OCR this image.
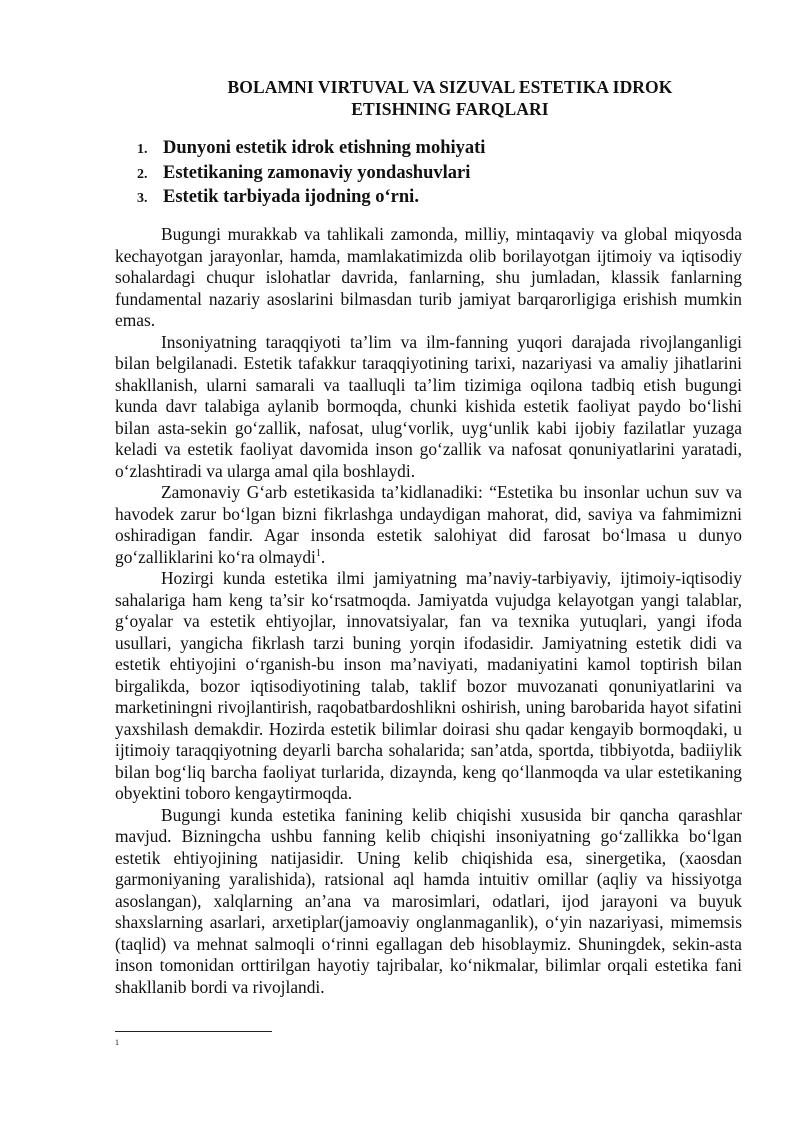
BOLAMNI VIRTUVAL VA SIZUVAL ESTETIKA IDROK
ETISHNING FARQLARI
1. Dunyoni estetik idrok etishning mohiyati
2. Estetikaning zamonaviy yondashuvlari
3. Estetik tarbiyada ijodning o‘rni.

Bugungi murakkab va tahlikali zamonda, milliy, mintaqaviy va global miqyosda kechayotgan jarayonlar, hamda, mamlakatimizda olib borilayotgan ijtimoiy va iqtisodiy sohalardagi chuqur islohatlar davrida, fanlarning, shu jumladan, klassik fanlarning fundamental nazariy asoslarini bilmasdan turib jamiyat barqarorligiga erishish mumkin emas.

Insoniyatning taraqqiyoti ta’lim va ilm-fanning yuqori darajada rivojlanganligi bilan belgilanadi. Estetik tafakkur taraqqiyotining tarixi, nazariyasi va amaliy jihatlarini shakllanish, ularni samarali va taalluqli ta’lim tizimiga oqilona tadbiq etish bugungi kunda davr talabiga aylanib bormoqda, chunki kishida estetik faoliyat paydo bo‘lishi bilan asta-sekin go‘zallik, nafosat, ulug‘vorlik, uyg‘unlik kabi ijobiy fazilatlar yuzaga keladi va estetik faoliyat davomida inson go‘zallik va nafosat qonuniyatlarini yaratadi, o‘zlashtiradi va ularga amal qila boshlaydi.

Zamonaviy G‘arb estetikasida ta’kidlanadiki: “Estetika bu insonlar uchun suv va havodek zarur bo‘lgan bizni fikrlashga undaydigan mahorat, did, saviya va fahmimizni oshiradigan fandir. Agar insonda estetik salohiyat did farosat bo‘lmasa u dunyo go‘zalliklarini ko‘ra olmaydi$^1$.

Hozirgi kunda estetika ilmi jamiyatning ma’naviy-tarbiyaviy, ijtimoiy-iqtisodiy sahalariga ham keng ta’sir ko‘rsatmoqda. Jamiyatda vujudga kelayotgan yangi talablar, g‘oyalar va estetik ehtiyojlar, innovatsiyalar, fan va texnika yutuqlari, yangi ifoda usullari, yangicha fikrlash tarzi buning yorqin ifodasidir. Jamiyatning estetik didi va estetik ehtiyojini o‘rganish-bu inson ma’naviyati, madaniyatini kamol toptirish bilan birgalikda, bozor iqtisodiyotining talab, taklif bozor muvozanati qonuniyatlarini va marketiningni rivojlantirish, raqobatbardoshlikni oshirish, uning barobarida hayot sifatini yaxshilash demakdir. Hozirda estetik bilimlar doirasi shu qadar kengayib bormoqdaki, u ijtimoiy taraqqiyotning deyarli barcha sohalarida; san’atda, sportda, tibbiyotda, badiiylik bilan bog‘liq barcha faoliyat turlarida, dizaynda, keng qo‘llanmoqda va ular estetikaning obyektini toboro kengaytirmoqda.

Bugungi kunda estetika fanining kelib chiqishi xususida bir qancha qarashlar mavjud. Bizningcha ushbu fanning kelib chiqishi insoniyatning go‘zallikka bo‘lgan estetik ehtiyojining natijasidir. Uning kelib chiqishida esa, sinergetika, (xaosdan garmoniyaning yaralishida), ratsional aql hamda intuitiv omillar (aqliy va hissiyotga asoslangan), xalqlarning an’ana va marosimlari, odatlari, ijod jarayoni va buyuk shaxslarning asarlari, arxetiplar(jamoaviy onglanmaganlik), o‘yin nazariyasi, mimemsis (taqlid) va mehnat salmoqli o‘rinni egallagan deb hisoblaymiz. Shuningdek, sekin-asta inson tomonidan orttirilgan hayotiy tajribalar, ko‘nikmalar, bilimlar orqali estetika fani shakllanib bordi va rivojlandi.

1
